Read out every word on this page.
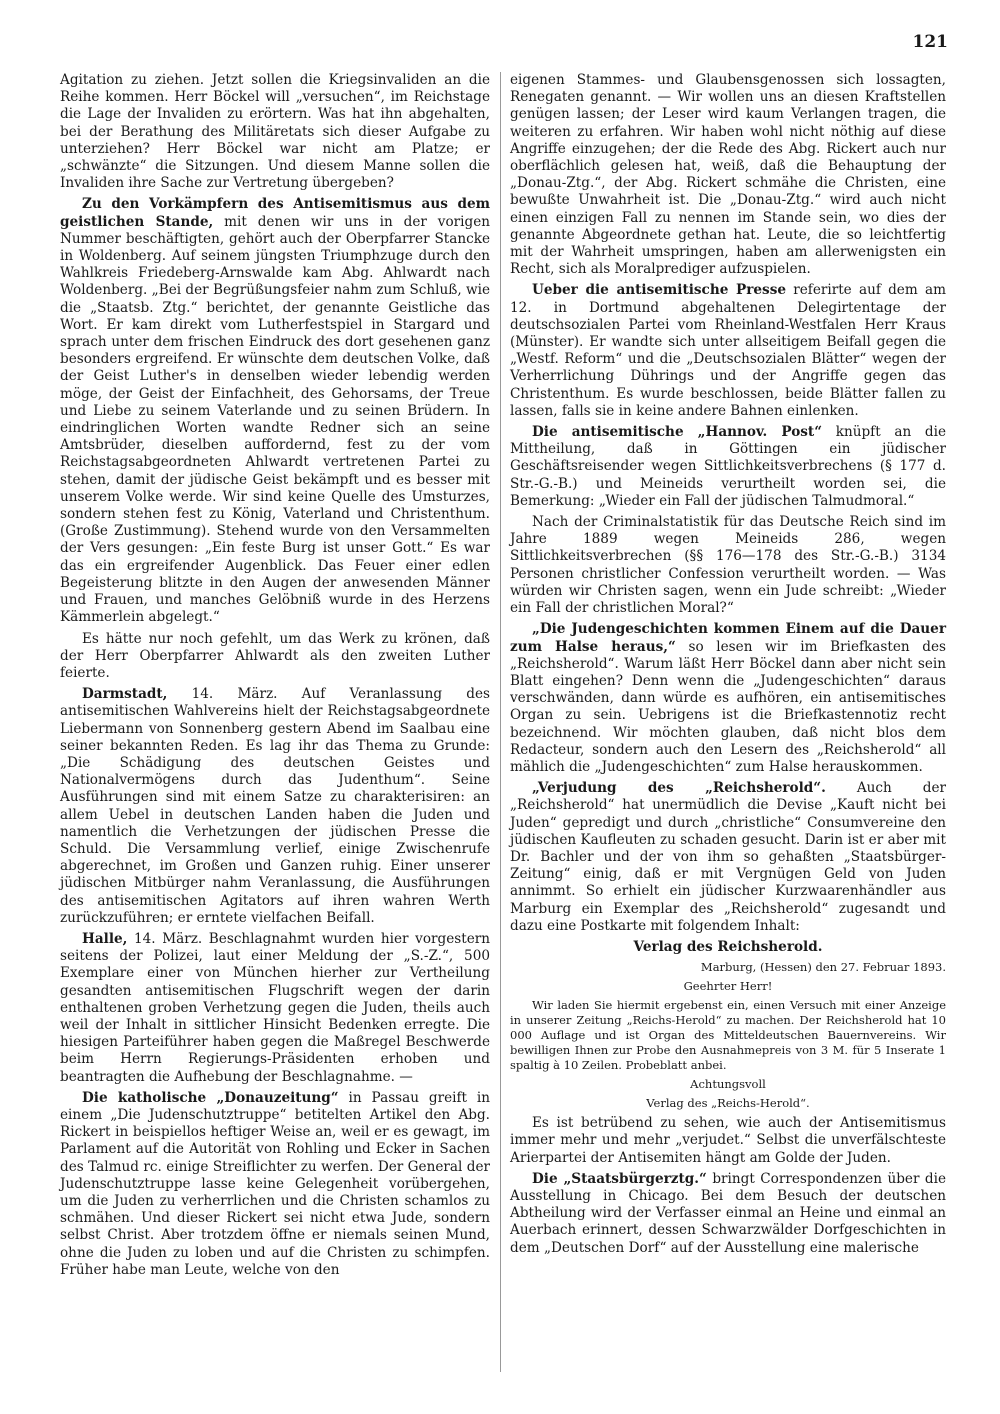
121

Agitation zu ziehen. Jetzt sollen die Kriegsinvaliden an die Reihe kommen. Herr Böckel will „versuchen“, im Reichstage die Lage der Invaliden zu erörtern. Was hat ihn abgehalten, bei der Berathung des Militäretats sich dieser Aufgabe zu unterziehen? Herr Böckel war nicht am Platze; er „schwänzte“ die Sitzungen. Und diesem Manne sollen die Invaliden ihre Sache zur Vertretung übergeben?

Zu den Vorkämpfern des Antisemitismus aus dem geistlichen Stande, mit denen wir uns in der vorigen Nummer beschäftigten, gehört auch der Oberpfarrer Stancke in Woldenberg. Auf seinem jüngsten Triumphzuge durch den Wahlkreis Friedeberg-Arnswalde kam Abg. Ahlwardt nach Woldenberg. „Bei der Begrüßungsfeier nahm zum Schluß, wie die „Staatsb. Ztg.“ berichtet, der genannte Geistliche das Wort. Er kam direkt vom Lutherfestspiel in Stargard und sprach unter dem frischen Eindruck des dort gesehenen ganz besonders ergreifend. Er wünschte dem deutschen Volke, daß der Geist Luther's in denselben wieder lebendig werden möge, der Geist der Einfachheit, des Gehorsams, der Treue und Liebe zu seinem Vaterlande und zu seinen Brüdern. In eindringlichen Worten wandte Redner sich an seine Amtsbrüder, dieselben auffordernd, fest zu der vom Reichstagsabgeordneten Ahlwardt vertretenen Partei zu stehen, damit der jüdische Geist bekämpft und es besser mit unserem Volke werde. Wir sind keine Quelle des Umsturzes, sondern stehen fest zu König, Vaterland und Christenthum. (Große Zustimmung). Stehend wurde von den Versammelten der Vers gesungen: „Ein feste Burg ist unser Gott.“ Es war das ein ergreifender Augenblick. Das Feuer einer edlen Begeisterung blitzte in den Augen der anwesenden Männer und Frauen, und manches Gelöbniß wurde in des Herzens Kämmerlein abgelegt.“

Es hätte nur noch gefehlt, um das Werk zu krönen, daß der Herr Oberpfarrer Ahlwardt als den zweiten Luther feierte.

Darmstadt, 14. März. Auf Veranlassung des antisemitischen Wahlvereins hielt der Reichstagsabgeordnete Liebermann von Sonnenberg gestern Abend im Saalbau eine seiner bekannten Reden. Es lag ihr das Thema zu Grunde: „Die Schädigung des deutschen Geistes und Nationalvermögens durch das Judenthum“. Seine Ausführungen sind mit einem Satze zu charakterisiren: an allem Uebel in deutschen Landen haben die Juden und namentlich die Verhetzungen der jüdischen Presse die Schuld. Die Versammlung verlief, einige Zwischenrufe abgerechnet, im Großen und Ganzen ruhig. Einer unserer jüdischen Mitbürger nahm Veranlassung, die Ausführungen des antisemitischen Agitators auf ihren wahren Werth zurückzuführen; er erntete vielfachen Beifall.

Halle, 14. März. Beschlagnahmt wurden hier vorgestern seitens der Polizei, laut einer Meldung der „S.-Z.“, 500 Exemplare einer von München hierher zur Vertheilung gesandten antisemitischen Flugschrift wegen der darin enthaltenen groben Verhetzung gegen die Juden, theils auch weil der Inhalt in sittlicher Hinsicht Bedenken erregte. Die hiesigen Parteiführer haben gegen die Maßregel Beschwerde beim Herrn Regierungs-Präsidenten erhoben und beantragten die Aufhebung der Beschlagnahme. —

Die katholische „Donauzeitung“ in Passau greift in einem „Die Judenschutztruppe“ betitelten Artikel den Abg. Rickert in beispiellos heftiger Weise an, weil er es gewagt, im Parlament auf die Autorität von Rohling und Ecker in Sachen des Talmud rc. einige Streiflichter zu werfen. Der General der Judenschutztruppe lasse keine Gelegenheit vorübergehen, um die Juden zu verherrlichen und die Christen schamlos zu schmähen. Und dieser Rickert sei nicht etwa Jude, sondern selbst Christ. Aber trotzdem öffne er niemals seinen Mund, ohne die Juden zu loben und auf die Christen zu schimpfen. Früher habe man Leute, welche von den

eigenen Stammes- und Glaubensgenossen sich lossagten, Renegaten genannt. — Wir wollen uns an diesen Kraftstellen genügen lassen; der Leser wird kaum Verlangen tragen, die weiteren zu erfahren. Wir haben wohl nicht nöthig auf diese Angriffe einzugehen; der die Rede des Abg. Rickert auch nur oberflächlich gelesen hat, weiß, daß die Behauptung der „Donau-Ztg.“, der Abg. Rickert schmähe die Christen, eine bewußte Unwahrheit ist. Die „Donau-Ztg.“ wird auch nicht einen einzigen Fall zu nennen im Stande sein, wo dies der genannte Abgeordnete gethan hat. Leute, die so leichtfertig mit der Wahrheit umspringen, haben am allerwenigsten ein Recht, sich als Moralprediger aufzuspielen.

Ueber die antisemitische Presse referirte auf dem am 12. in Dortmund abgehaltenen Delegirtentage der deutschsozialen Partei vom Rheinland-Westfalen Herr Kraus (Münster). Er wandte sich unter allseitigem Beifall gegen die „Westf. Reform“ und die „Deutschsozialen Blätter“ wegen der Verherrlichung Dührings und der Angriffe gegen das Christenthum. Es wurde beschlossen, beide Blätter fallen zu lassen, falls sie in keine andere Bahnen einlenken.

Die antisemitische „Hannov. Post“ knüpft an die Mittheilung, daß in Göttingen ein jüdischer Geschäftsreisender wegen Sittlichkeitsverbrechens (§ 177 d. Str.-G.-B.) und Meineids verurtheilt worden sei, die Bemerkung: „Wieder ein Fall der jüdischen Talmudmoral.“

Nach der Criminalstatistik für das Deutsche Reich sind im Jahre 1889 wegen Meineids 286, wegen Sittlichkeitsverbrechen (§§ 176—178 des Str.-G.-B.) 3134 Personen christlicher Confession verurtheilt worden. — Was würden wir Christen sagen, wenn ein Jude schreibt: „Wieder ein Fall der christlichen Moral?“

„Die Judengeschichten kommen Einem auf die Dauer zum Halse heraus,“ so lesen wir im Briefkasten des „Reichsherold“. Warum läßt Herr Böckel dann aber nicht sein Blatt eingehen? Denn wenn die „Judengeschichten“ daraus verschwänden, dann würde es aufhören, ein antisemitisches Organ zu sein. Uebrigens ist die Briefkastennotiz recht bezeichnend. Wir möchten glauben, daß nicht blos dem Redacteur, sondern auch den Lesern des „Reichsherold“ all mählich die „Judengeschichten“ zum Halse herauskommen.

„Verjudung des „Reichsherold“. Auch der „Reichsherold“ hat unermüdlich die Devise „Kauft nicht bei Juden“ gepredigt und durch „christliche“ Consumvereine den jüdischen Kaufleuten zu schaden gesucht. Darin ist er aber mit Dr. Bachler und der von ihm so gehaßten „Staatsbürger-Zeitung“ einig, daß er mit Vergnügen Geld von Juden annimmt. So erhielt ein jüdischer Kurzwaarenhändler aus Marburg ein Exemplar des „Reichsherold“ zugesandt und dazu eine Postkarte mit folgendem Inhalt:

Verlag des Reichsherold.

Marburg, (Hessen) den 27. Februar 1893.

Geehrter Herr!

Wir laden Sie hiermit ergebenst ein, einen Versuch mit einer Anzeige in unserer Zeitung „Reichs-Herold“ zu machen. Der Reichsherold hat 10 000 Auflage und ist Organ des Mitteldeutschen Bauernvereins. Wir bewilligen Ihnen zur Probe den Ausnahmepreis von 3 M. für 5 Inserate 1 spaltig à 10 Zeilen. Probeblatt anbei.

Achtungsvoll

Verlag des „Reichs-Herold“.

Es ist betrübend zu sehen, wie auch der Antisemitismus immer mehr und mehr „verjudet.“ Selbst die unverfälschteste Arierpartei der Antisemiten hängt am Golde der Juden.

Die „Staatsbürgerztg.“ bringt Correspondenzen über die Ausstellung in Chicago. Bei dem Besuch der deutschen Abtheilung wird der Verfasser einmal an Heine und einmal an Auerbach erinnert, dessen Schwarzwälder Dorfgeschichten in dem „Deutschen Dorf“ auf der Ausstellung eine malerische
